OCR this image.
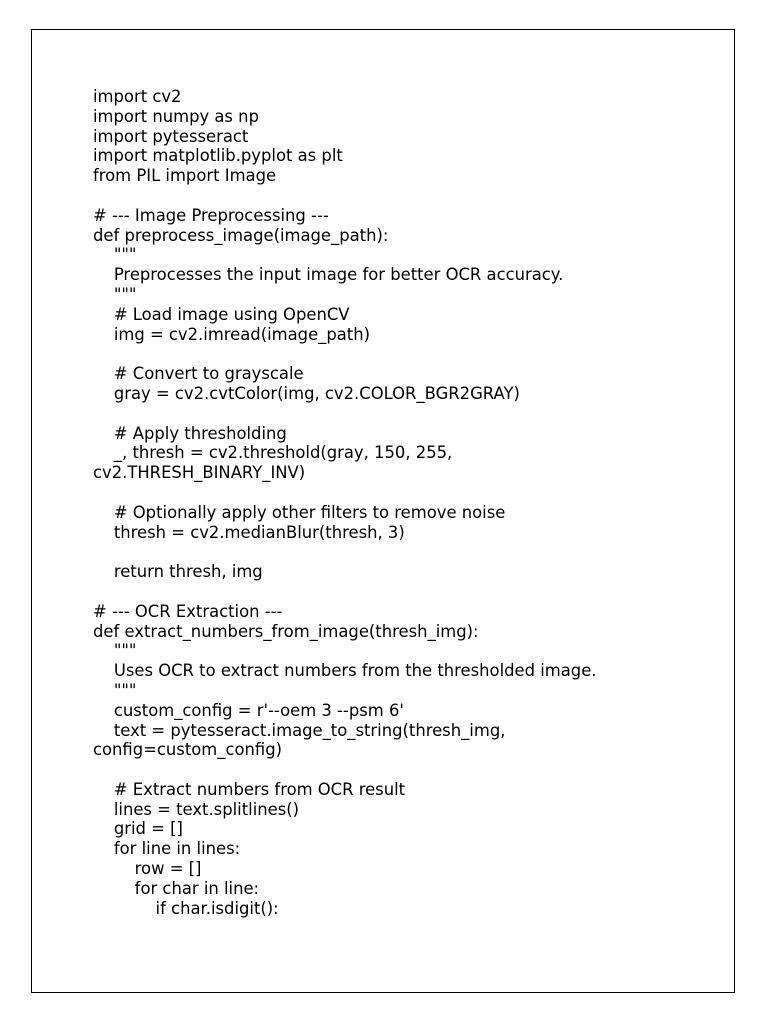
import cv2
import numpy as np
import pytesseract
import matplotlib.pyplot as plt
from PIL import Image
# --- Image Preprocessing ---
def preprocess_image(image_path):
"""
Preprocesses the input image for better OCR accuracy.
"""
# Load image using OpenCV
img = cv2.imread(image_path)
# Convert to grayscale
gray = cv2.cvtColor(img, cv2.COLOR_BGR2GRAY)
# Apply thresholding
_, thresh = cv2.threshold(gray, 150, 255,
cv2.THRESH_BINARY_INV)
# Optionally apply other filters to remove noise
thresh = cv2.medianBlur(thresh, 3)
return thresh, img
# --- OCR Extraction ---
def extract_numbers_from_image(thresh_img):
"""
Uses OCR to extract numbers from the thresholded image.
"""
custom_config = r'--oem 3 --psm 6'
text = pytesseract.image_to_string(thresh_img,
config=custom_config)
# Extract numbers from OCR result
lines = text.splitlines()
grid = []
for line in lines:
row = []
for char in line:
if char.isdigit():
